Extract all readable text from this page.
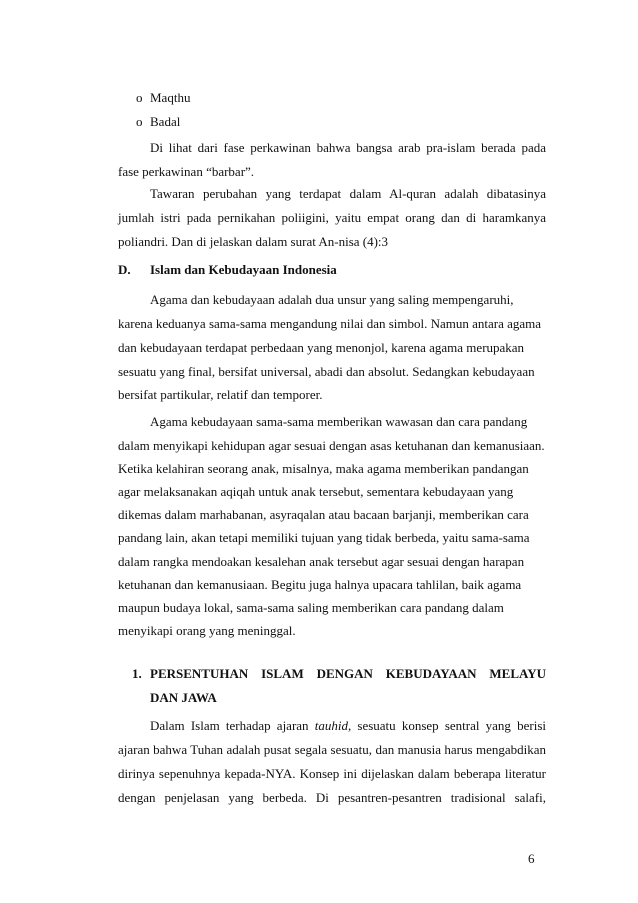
o Maqthu
o Badal
Di lihat dari fase perkawinan bahwa bangsa arab pra-islam berada pada
fase perkawinan “barbar”.
Tawaran perubahan yang terdapat dalam Al-quran adalah dibatasinya
jumlah istri pada pernikahan poliigini, yaitu empat orang dan di haramkanya
poliandri. Dan di jelaskan dalam surat An-nisa (4):3
D. Islam dan Kebudayaan Indonesia
Agama dan kebudayaan adalah dua unsur yang saling mempengaruhi,
karena keduanya sama-sama mengandung nilai dan simbol. Namun antara agama
dan kebudayaan terdapat perbedaan yang menonjol, karena agama merupakan
sesuatu yang final, bersifat universal, abadi dan absolut. Sedangkan kebudayaan
bersifat partikular, relatif dan temporer.
Agama kebudayaan sama-sama memberikan wawasan dan cara pandang
dalam menyikapi kehidupan agar sesuai dengan asas ketuhanan dan kemanusiaan.
Ketika kelahiran seorang anak, misalnya, maka agama memberikan pandangan
agar melaksanakan aqiqah untuk anak tersebut, sementara kebudayaan yang
dikemas dalam marhabanan, asyraqalan atau bacaan barjanji, memberikan cara
pandang lain, akan tetapi memiliki tujuan yang tidak berbeda, yaitu sama-sama
dalam rangka mendoakan kesalehan anak tersebut agar sesuai dengan harapan
ketuhanan dan kemanusiaan. Begitu juga halnya upacara tahlilan, baik agama
maupun budaya lokal, sama-sama saling memberikan cara pandang dalam
menyikapi orang yang meninggal.
1. PERSENTUHAN ISLAM DENGAN KEBUDAYAAN MELAYU
DAN JAWA
Dalam Islam terhadap ajaran tauhid, sesuatu konsep sentral yang berisi
ajaran bahwa Tuhan adalah pusat segala sesuatu, dan manusia harus mengabdikan
dirinya sepenuhnya kepada-NYA. Konsep ini dijelaskan dalam beberapa literatur
dengan penjelasan yang berbeda. Di pesantren-pesantren tradisional salafi,
6
